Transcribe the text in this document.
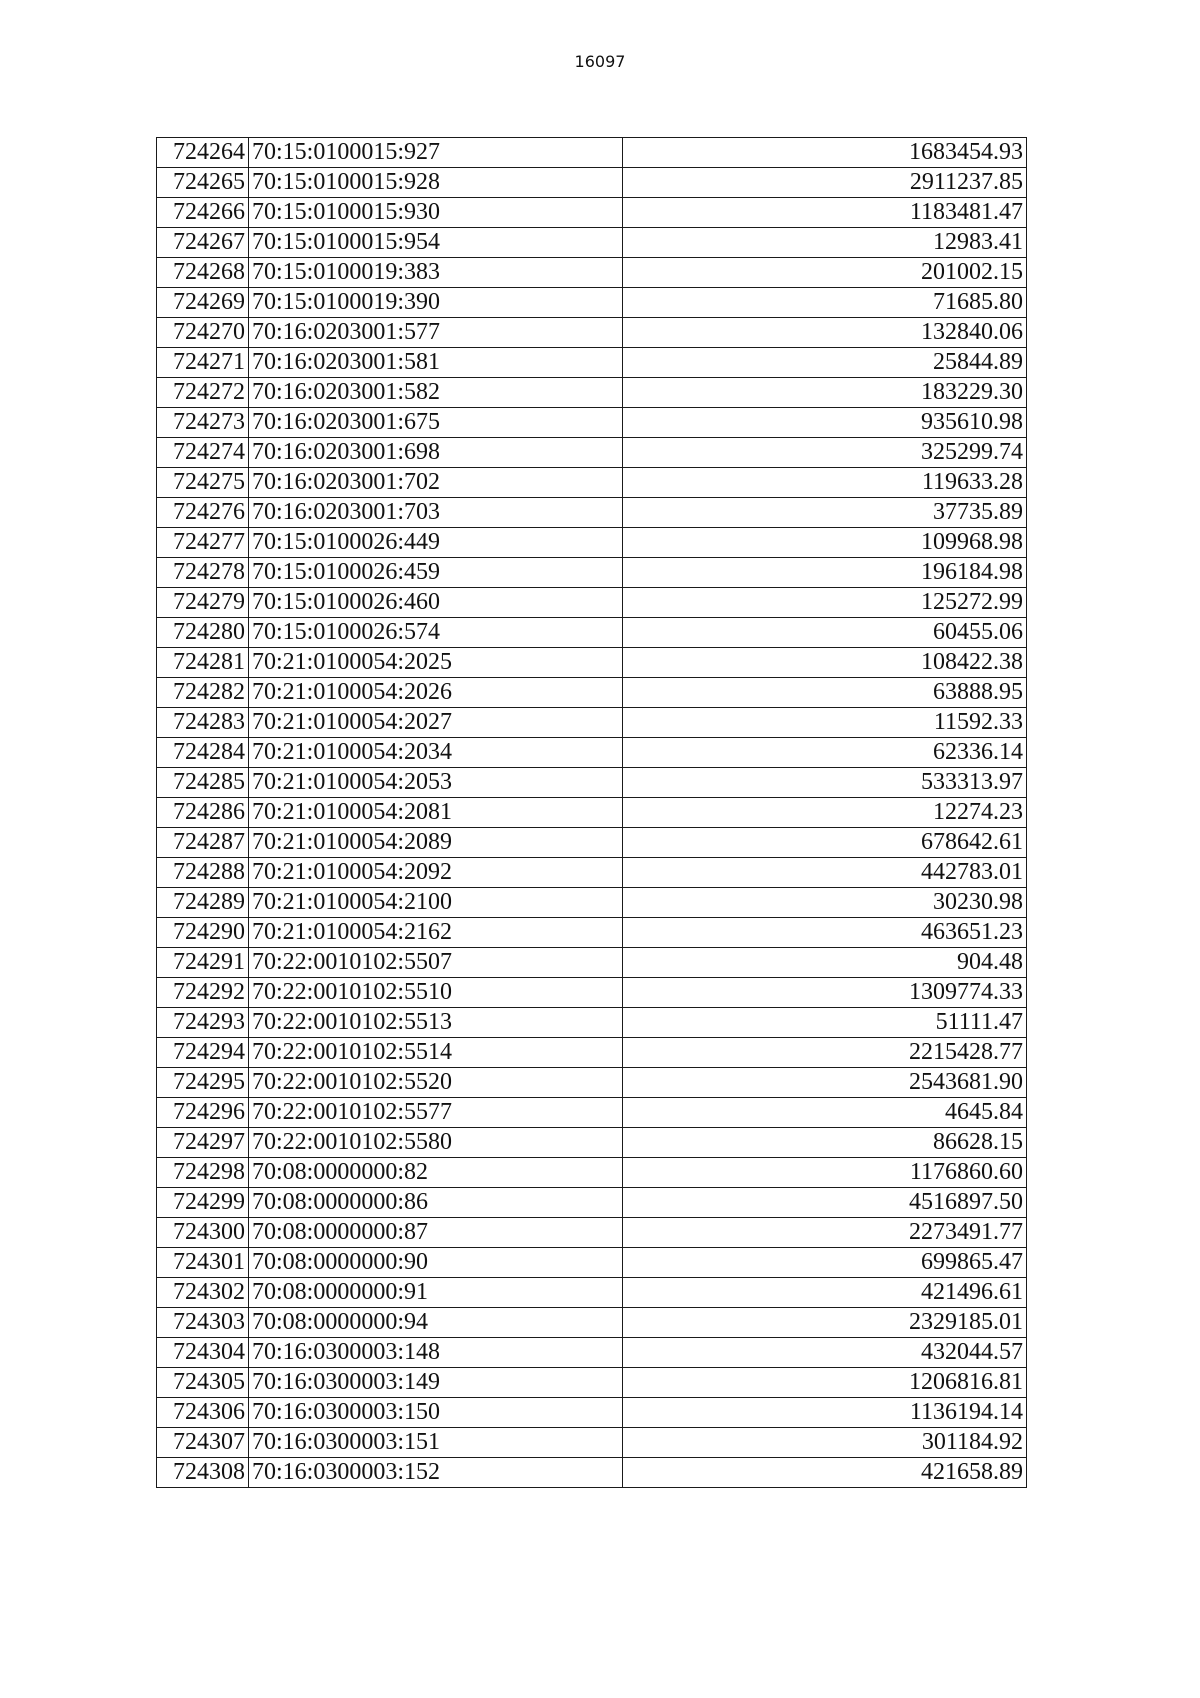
16097
724264	70:15:0100015:927	1683454.93
724265	70:15:0100015:928	2911237.85
724266	70:15:0100015:930	1183481.47
724267	70:15:0100015:954	12983.41
724268	70:15:0100019:383	201002.15
724269	70:15:0100019:390	71685.80
724270	70:16:0203001:577	132840.06
724271	70:16:0203001:581	25844.89
724272	70:16:0203001:582	183229.30
724273	70:16:0203001:675	935610.98
724274	70:16:0203001:698	325299.74
724275	70:16:0203001:702	119633.28
724276	70:16:0203001:703	37735.89
724277	70:15:0100026:449	109968.98
724278	70:15:0100026:459	196184.98
724279	70:15:0100026:460	125272.99
724280	70:15:0100026:574	60455.06
724281	70:21:0100054:2025	108422.38
724282	70:21:0100054:2026	63888.95
724283	70:21:0100054:2027	11592.33
724284	70:21:0100054:2034	62336.14
724285	70:21:0100054:2053	533313.97
724286	70:21:0100054:2081	12274.23
724287	70:21:0100054:2089	678642.61
724288	70:21:0100054:2092	442783.01
724289	70:21:0100054:2100	30230.98
724290	70:21:0100054:2162	463651.23
724291	70:22:0010102:5507	904.48
724292	70:22:0010102:5510	1309774.33
724293	70:22:0010102:5513	51111.47
724294	70:22:0010102:5514	2215428.77
724295	70:22:0010102:5520	2543681.90
724296	70:22:0010102:5577	4645.84
724297	70:22:0010102:5580	86628.15
724298	70:08:0000000:82	1176860.60
724299	70:08:0000000:86	4516897.50
724300	70:08:0000000:87	2273491.77
724301	70:08:0000000:90	699865.47
724302	70:08:0000000:91	421496.61
724303	70:08:0000000:94	2329185.01
724304	70:16:0300003:148	432044.57
724305	70:16:0300003:149	1206816.81
724306	70:16:0300003:150	1136194.14
724307	70:16:0300003:151	301184.92
724308	70:16:0300003:152	421658.89
